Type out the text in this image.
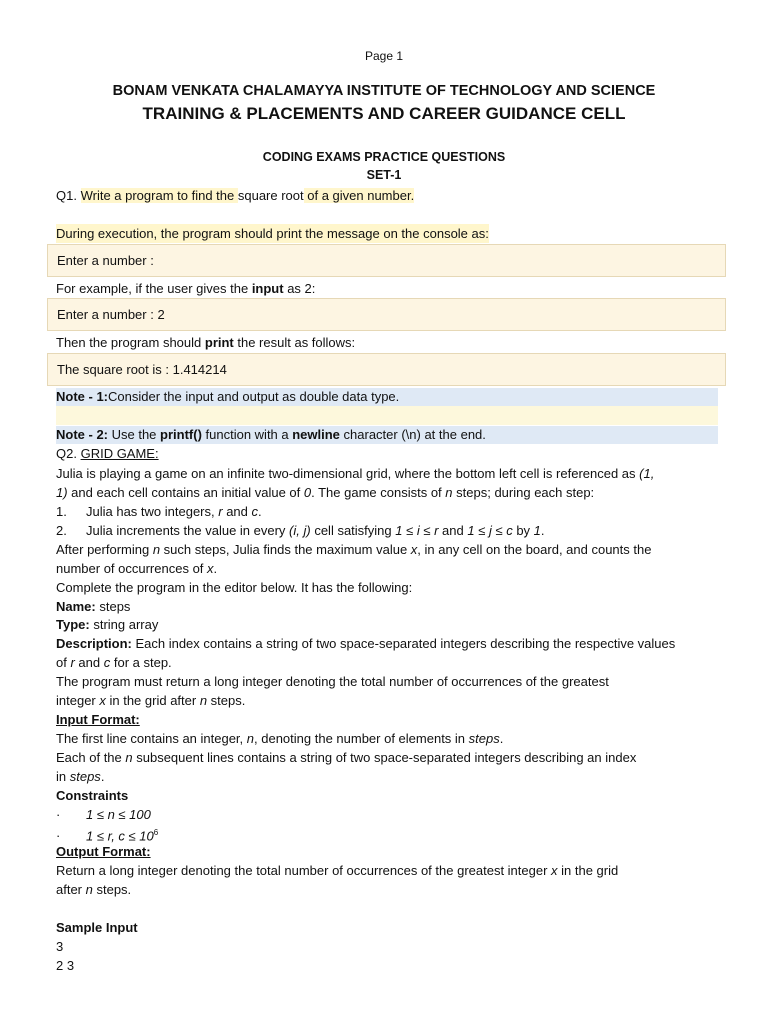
Page 1
BONAM VENKATA CHALAMAYYA INSTITUTE OF TECHNOLOGY AND SCIENCE
TRAINING & PLACEMENTS AND CAREER GUIDANCE CELL
CODING EXAMS PRACTICE QUESTIONS
SET-1
Q1. Write a program to find the square root of a given number.
During execution, the program should print the message on the console as:
Enter a number :
For example, if the user gives the input as 2:
Enter a number : 2
Then the program should print the result as follows:
The square root is : 1.414214
Note - 1:Consider the input and output as double data type.
Note - 2: Use the printf() function with a newline character (\n) at the end.
Q2. GRID GAME:
Julia is playing a game on an infinite two-dimensional grid, where the bottom left cell is referenced as (1,
1) and each cell contains an initial value of 0. The game consists of n steps; during each step:
1. Julia has two integers, r and c.
2. Julia increments the value in every (i, j) cell satisfying 1 ≤ i ≤ r and 1 ≤ j ≤ c by 1.
After performing n such steps, Julia finds the maximum value x, in any cell on the board, and counts the
number of occurrences of x.
Complete the program in the editor below. It has the following:
Name: steps
Type: string array
Description: Each index contains a string of two space-separated integers describing the respective values
of r and c for a step.
The program must return a long integer denoting the total number of occurrences of the greatest
integer x in the grid after n steps.
Input Format:
The first line contains an integer, n, denoting the number of elements in steps.
Each of the n subsequent lines contains a string of two space-separated integers describing an index
in steps.
Constraints
· 1 ≤ n ≤ 100
· 1 ≤ r, $c \le 10^6$
Output Format:
Return a long integer denoting the total number of occurrences of the greatest integer x in the grid
after n steps.
Sample Input
3
2 3
